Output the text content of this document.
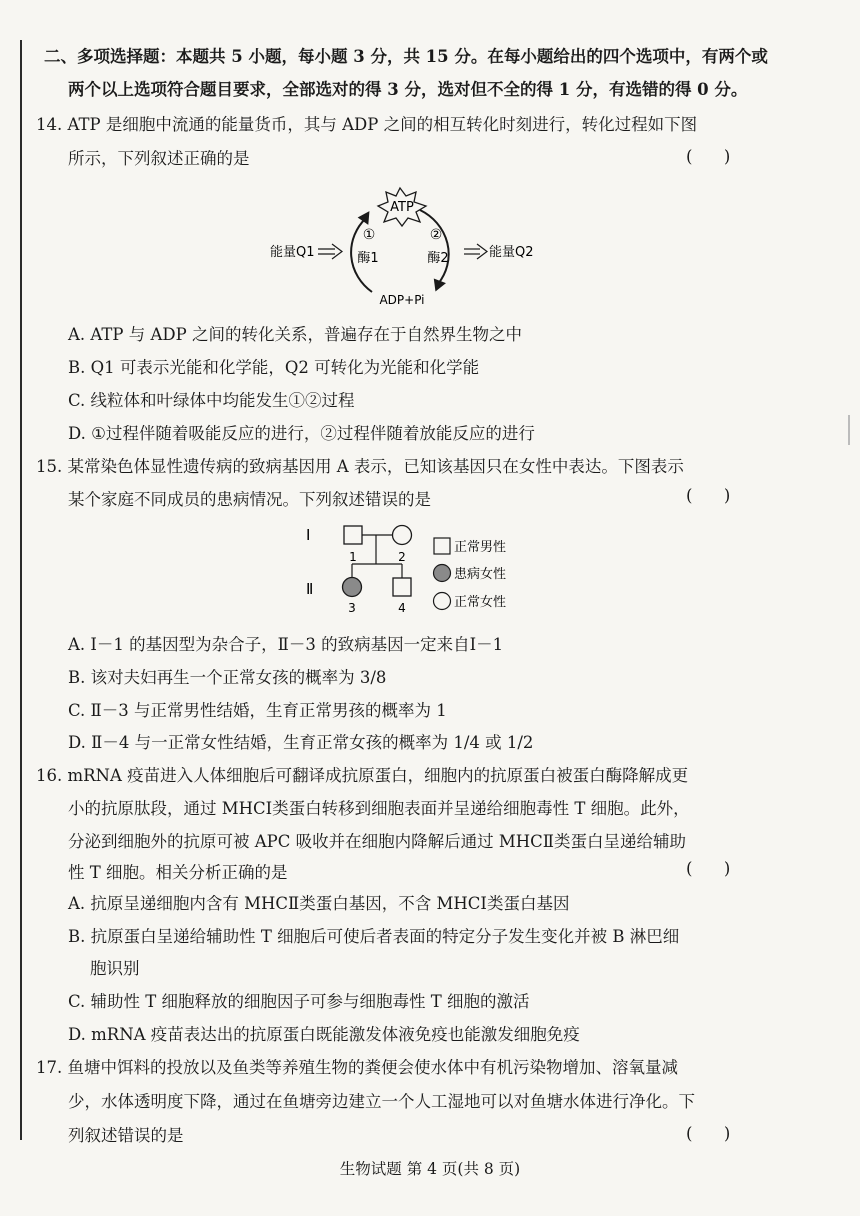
二、多项选择题：本题共 5 小题，每小题 3 分，共 15 分。在每小题给出的四个选项中，有两个或
两个以上选项符合题目要求，全部选对的得 3 分，选对但不全的得 1 分，有选错的得 0 分。
14. ATP 是细胞中流通的能量货币，其与 ADP 之间的相互转化时刻进行，转化过程如下图
所示，下列叙述正确的是	(      )
ATP
①	②
酶1	酶2
ADP+Pi
能量Q1	能量Q2
A. ATP 与 ADP 之间的转化关系，普遍存在于自然界生物之中
B. Q1 可表示光能和化学能，Q2 可转化为光能和化学能
C. 线粒体和叶绿体中均能发生①②过程
D. ①过程伴随着吸能反应的进行，②过程伴随着放能反应的进行
15. 某常染色体显性遗传病的致病基因用 A 表示，已知该基因只在女性中表达。下图表示
某个家庭不同成员的患病情况。下列叙述错误的是	(      )
Ⅰ
Ⅱ
1	2
3	4
正常男性
患病女性
正常女性
A. Ⅰ－1 的基因型为杂合子，Ⅱ－3 的致病基因一定来自Ⅰ－1
B. 该对夫妇再生一个正常女孩的概率为 3/8
C. Ⅱ－3 与正常男性结婚，生育正常男孩的概率为 1
D. Ⅱ－4 与一正常女性结婚，生育正常女孩的概率为 1/4 或 1/2
16. mRNA 疫苗进入人体细胞后可翻译成抗原蛋白，细胞内的抗原蛋白被蛋白酶降解成更
小的抗原肽段，通过 MHCⅠ类蛋白转移到细胞表面并呈递给细胞毒性 T 细胞。此外，
分泌到细胞外的抗原可被 APC 吸收并在细胞内降解后通过 MHCⅡ类蛋白呈递给辅助
性 T 细胞。相关分析正确的是	(      )
A. 抗原呈递细胞内含有 MHCⅡ类蛋白基因，不含 MHCⅠ类蛋白基因
B. 抗原蛋白呈递给辅助性 T 细胞后可使后者表面的特定分子发生变化并被 B 淋巴细
胞识别
C. 辅助性 T 细胞释放的细胞因子可参与细胞毒性 T 细胞的激活
D. mRNA 疫苗表达出的抗原蛋白既能激发体液免疫也能激发细胞免疫
17. 鱼塘中饵料的投放以及鱼类等养殖生物的粪便会使水体中有机污染物增加、溶氧量减
少，水体透明度下降，通过在鱼塘旁边建立一个人工湿地可以对鱼塘水体进行净化。下
列叙述错误的是	(      )
生物试题 第 4 页(共 8 页)
